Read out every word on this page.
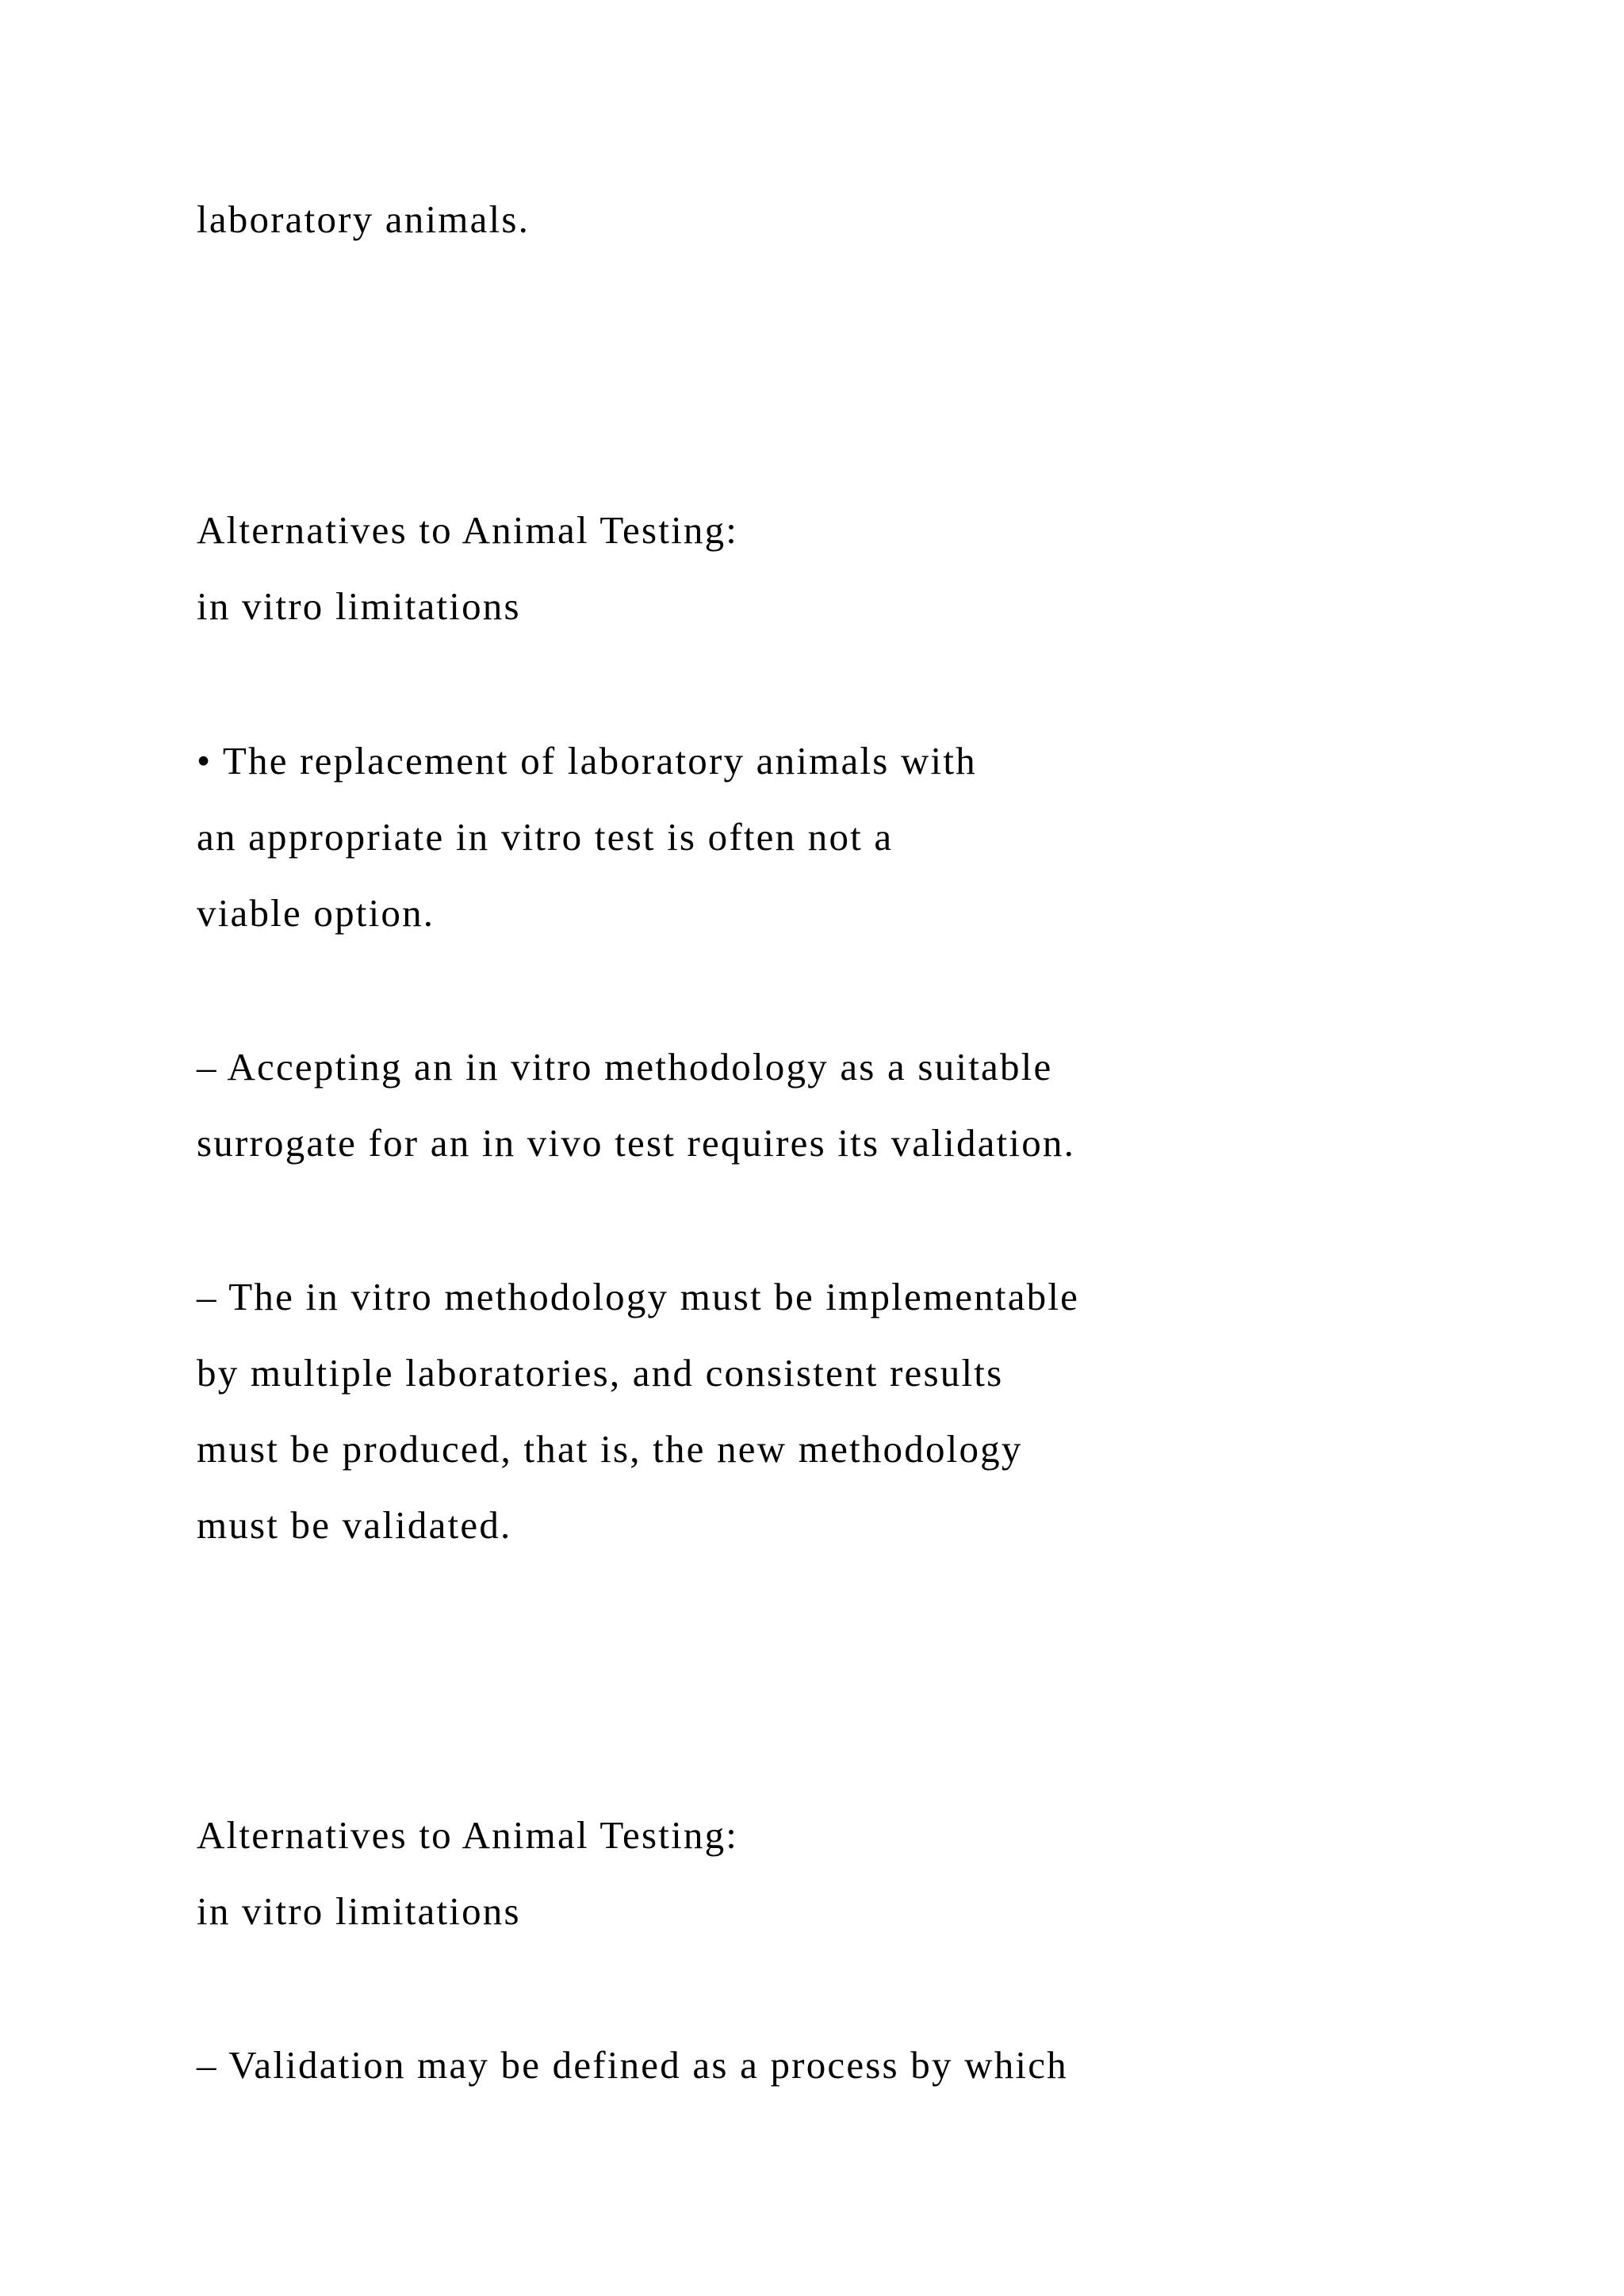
laboratory animals.

Alternatives to Animal Testing:

in vitro limitations

• The replacement of laboratory animals with

an appropriate in vitro test is often not a

viable option.

– Accepting an in vitro methodology as a suitable

surrogate for an in vivo test requires its validation.

– The in vitro methodology must be implementable

by multiple laboratories, and consistent results

must be produced, that is, the new methodology

must be validated.

Alternatives to Animal Testing:

in vitro limitations

– Validation may be defined as a process by which
